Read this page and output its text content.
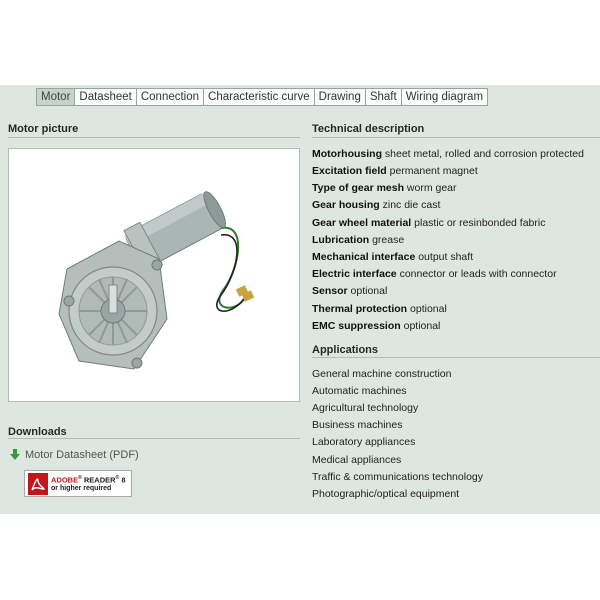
Motor Datasheet Connection Characteristic curve Drawing Shaft Wiring diagram
Motor picture
Downloads
Motor Datasheet (PDF)
ADOBE® READER® 8
or higher required
Technical description
Motorhousing sheet metal, rolled and corrosion protected
Excitation field permanent magnet
Type of gear mesh worm gear
Gear housing zinc die cast
Gear wheel material plastic or resinbonded fabric
Lubrication grease
Mechanical interface output shaft
Electric interface connector or leads with connector
Sensor optional
Thermal protection optional
EMC suppression optional
Applications
General machine construction
Automatic machines
Agricultural technology
Business machines
Laboratory appliances
Medical appliances
Traffic & communications technology
Photographic/optical equipment
